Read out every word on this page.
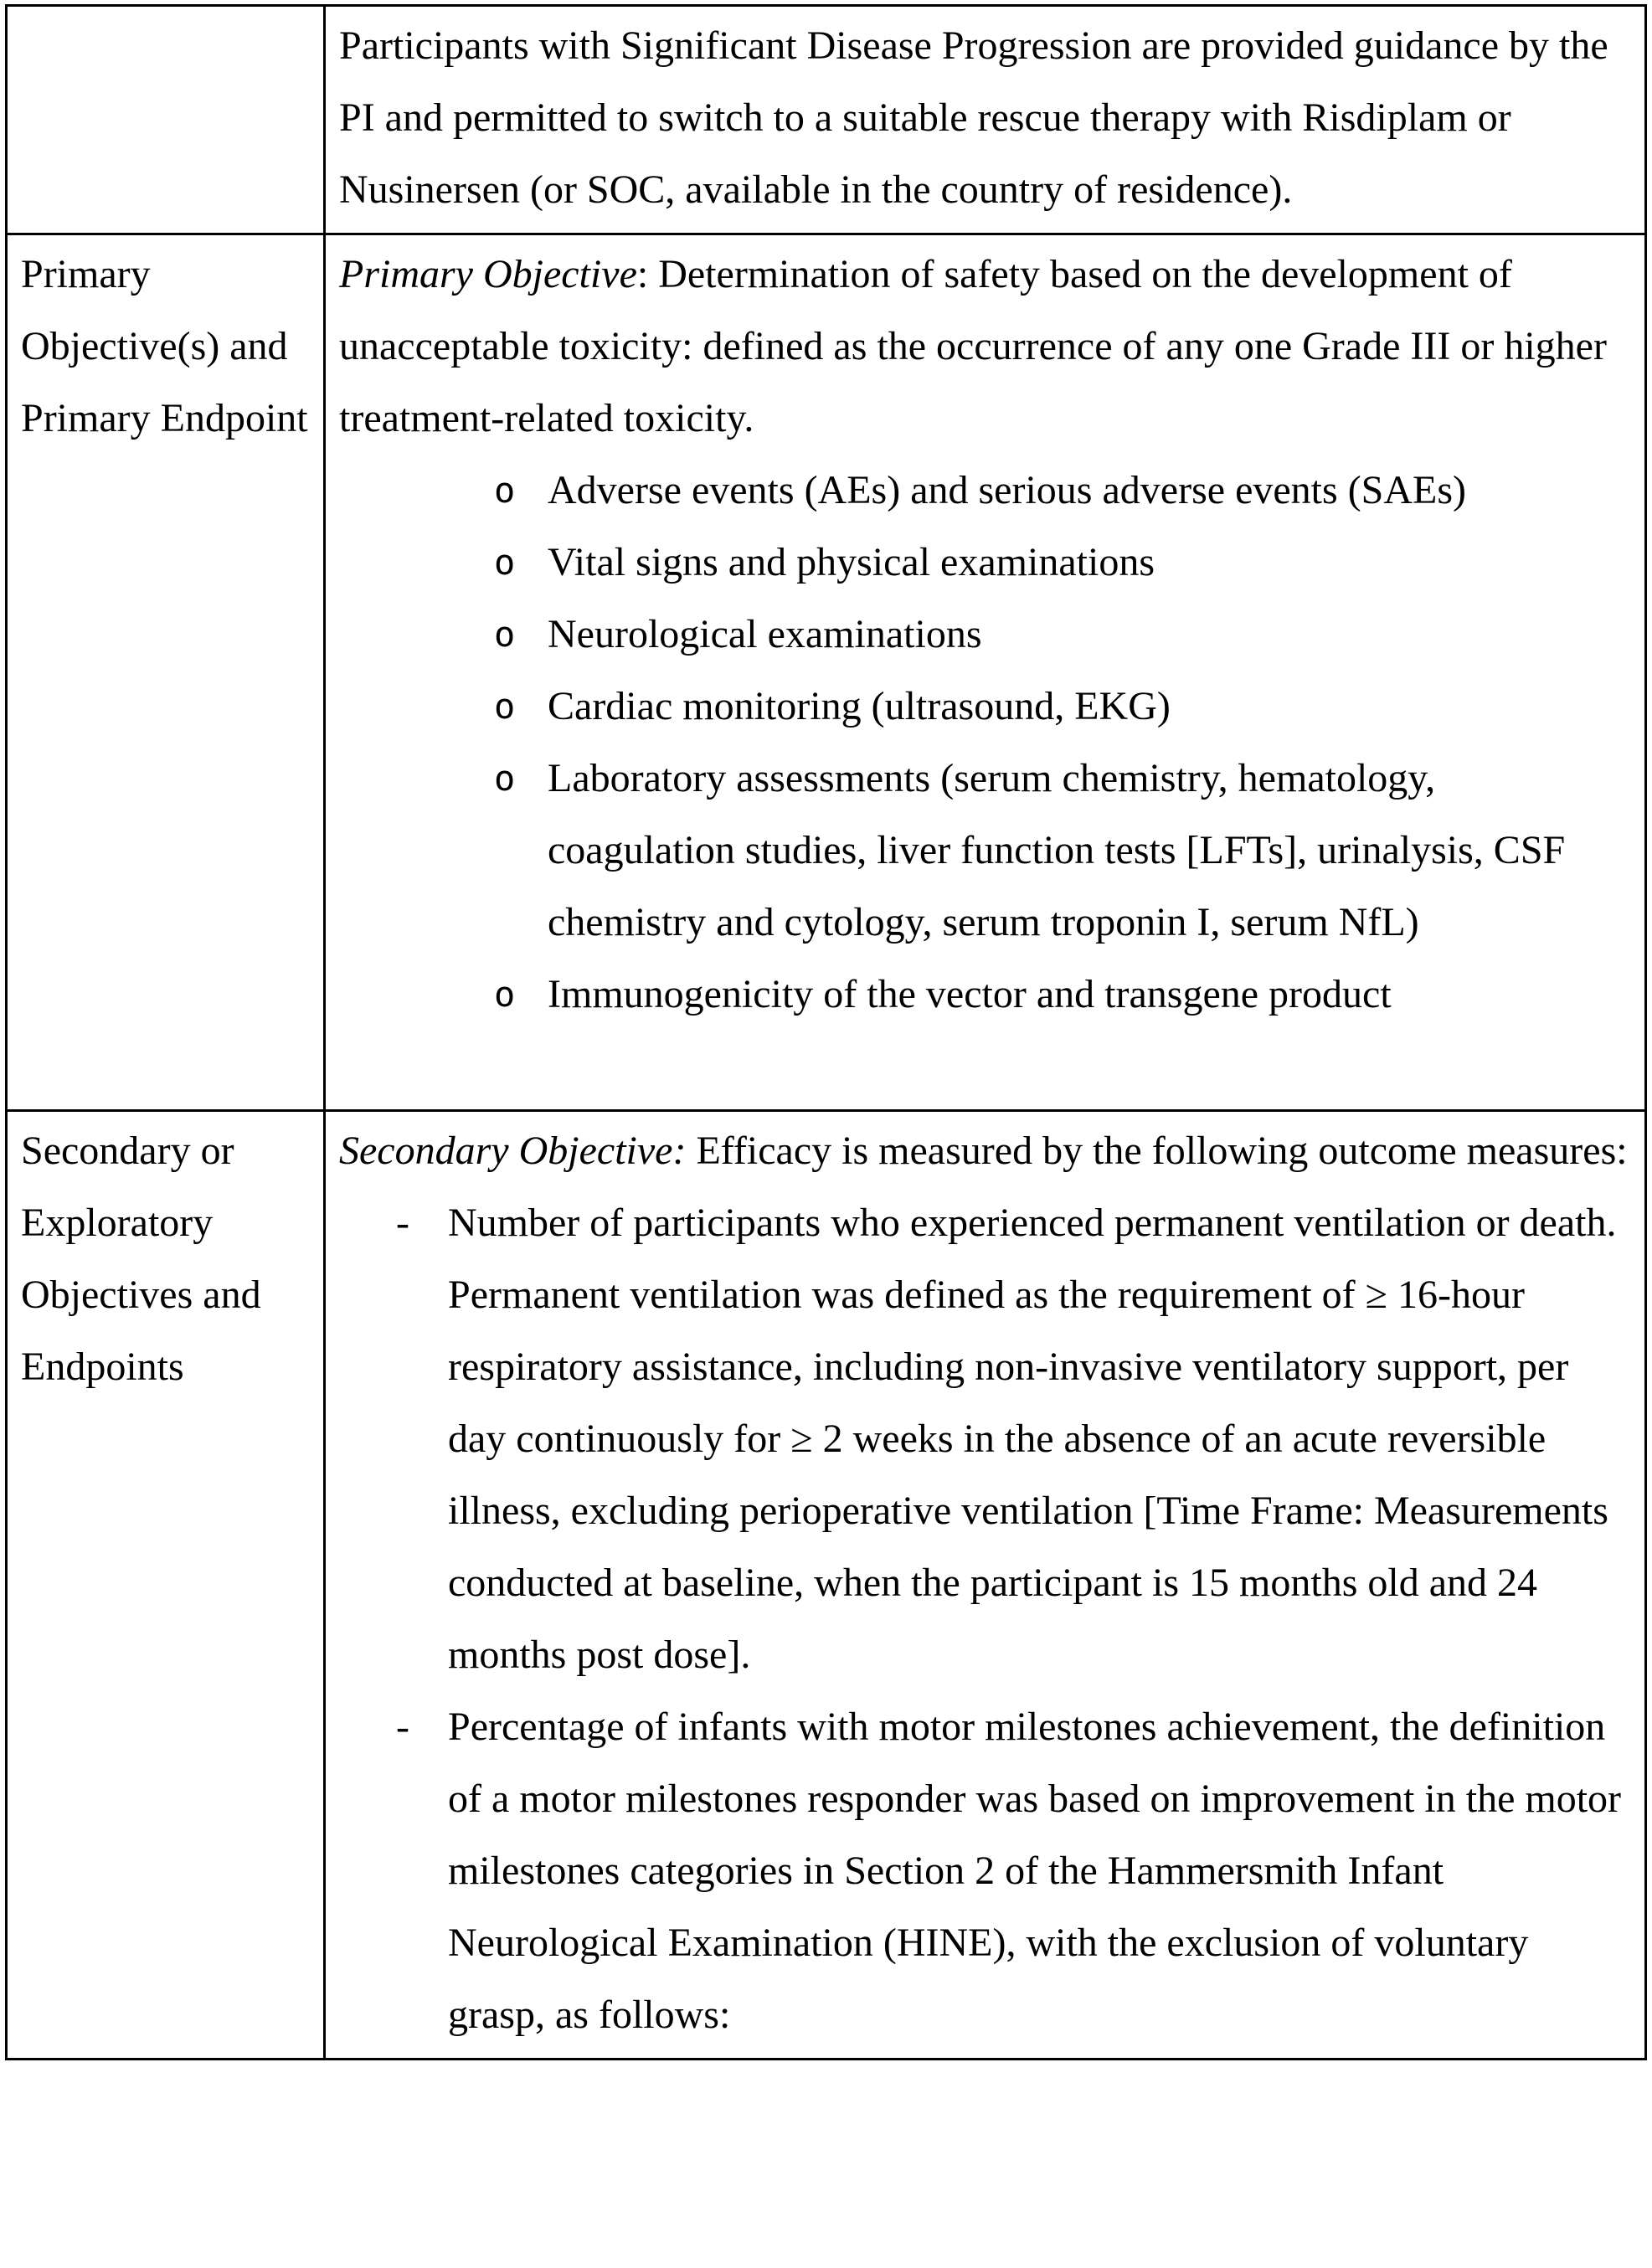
Participants with Significant Disease Progression are provided guidance by the PI and permitted to switch to a suitable rescue therapy with Risdiplam or Nusinersen (or SOC, available in the country of residence).

Primary Objective(s) and Primary Endpoint

Primary Objective: Determination of safety based on the development of unacceptable toxicity: defined as the occurrence of any one Grade III or higher treatment-related toxicity.

o Adverse events (AEs) and serious adverse events (SAEs)
o Vital signs and physical examinations
o Neurological examinations
o Cardiac monitoring (ultrasound, EKG)
o Laboratory assessments (serum chemistry, hematology, coagulation studies, liver function tests [LFTs], urinalysis, CSF chemistry and cytology, serum troponin I, serum NfL)
o Immunogenicity of the vector and transgene product
Secondary or Exploratory Objectives and Endpoints

Secondary Objective: Efficacy is measured by the following outcome measures:

- Number of participants who experienced permanent ventilation or death. Permanent ventilation was defined as the requirement of ≥ 16-hour respiratory assistance, including non-invasive ventilatory support, per day continuously for ≥ 2 weeks in the absence of an acute reversible illness, excluding perioperative ventilation [Time Frame: Measurements conducted at baseline, when the participant is 15 months old and 24 months post dose].
- Percentage of infants with motor milestones achievement, the definition of a motor milestones responder was based on improvement in the motor milestones categories in Section 2 of the Hammersmith Infant Neurological Examination (HINE), with the exclusion of voluntary grasp, as follows:
